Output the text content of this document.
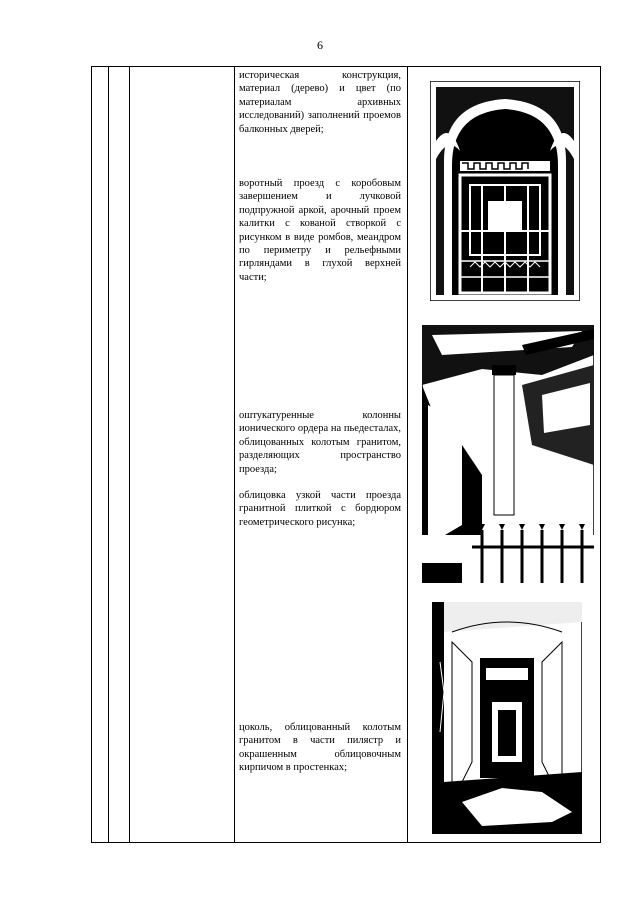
6
историческая конструкция, материал (дерево) и цвет (по материалам архивных исследований) заполнений проемов балконных дверей;
воротный проезд с коробовым завершением и лучковой подпружной аркой, арочный проем калитки с кованой створкой с рисунком в виде ромбов, меандром по периметру и рельефными гирляндами в глухой верхней части;
оштукатуренные колонны ионического ордера на пьедесталах, облицованных колотым гранитом, разделяющих пространство проезда;
облицовка узкой части проезда гранитной плиткой с бордюром геометрического рисунка;
цоколь, облицованный колотым гранитом в части пилястр и окрашенным облицовочным кирпичом в простенках;
